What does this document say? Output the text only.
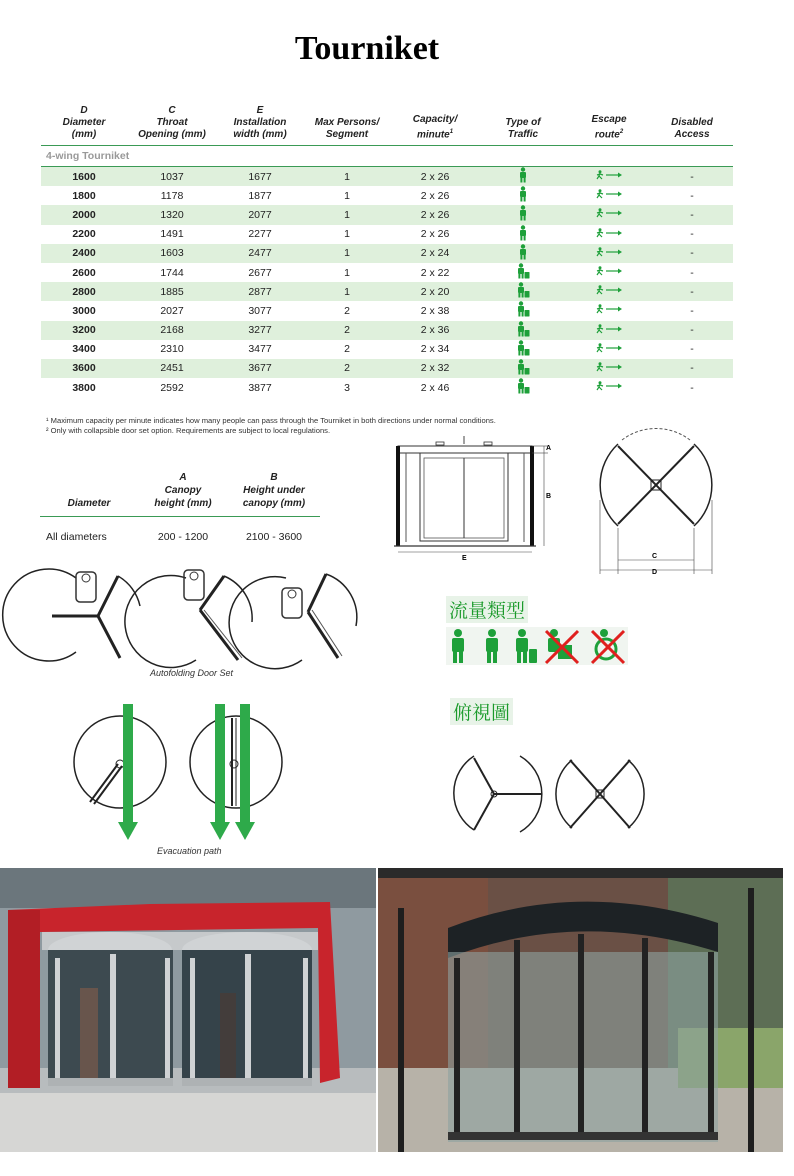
Tourniket
D
Diameter
(mm)	C
Throat
Opening (mm)	E
Installation
width (mm)	Max Persons/
Segment	Capacity/
minute$^1$	Type of
Traffic	Escape
route$^2$	Disabled
Access
4-wing Tourniket							
1600	1037	1677	1	2 x 26			-
1800	1178	1877	1	2 x 26			-
2000	1320	2077	1	2 x 26			-
2200	1491	2277	1	2 x 26			-
2400	1603	2477	1	2 x 24			-
2600	1744	2677	1	2 x 22			-
2800	1885	2877	1	2 x 20			-
3000	2027	3077	2	2 x 38			-
3200	2168	3277	2	2 x 36			-
3400	2310	3477	2	2 x 34			-
3600	2451	3677	2	2 x 32			-
3800	2592	3877	3	2 x 46			-
¹ Maximum capacity per minute indicates how many people can pass through the Tourniket in both directions under normal conditions.
² Only with collapsible door set option. Requirements are subject to local regulations.
A
B
E	C
D
Diameter	A
Canopy
height (mm)	B
Height under
canopy (mm)
All diameters	200 - 1200	2100 - 3600
Autofolding Door Set
Evacuation path
流量類型
俯視圖
